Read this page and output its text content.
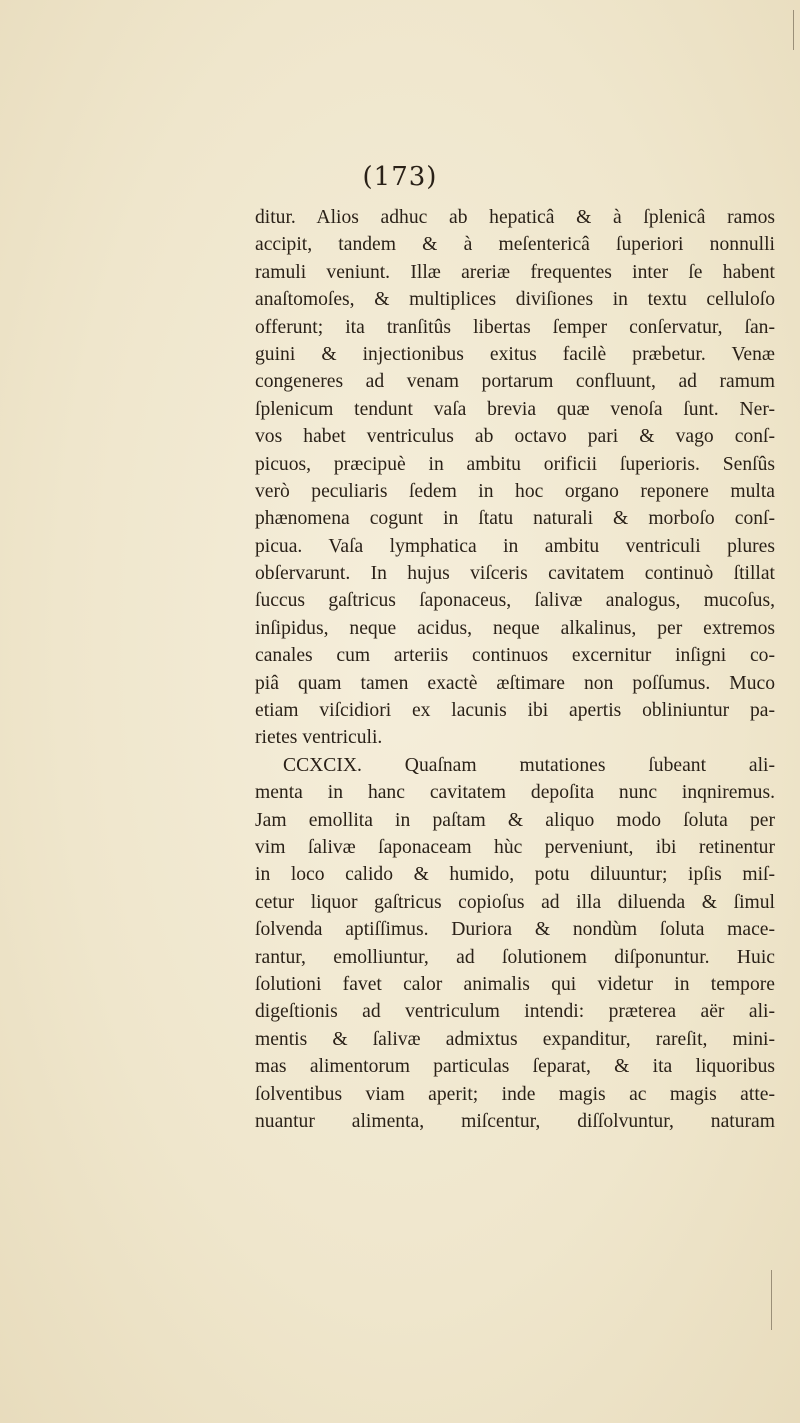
(173)
ditur. Alios adhuc ab hepaticâ & à ſplenicâ ramos
accipit, tandem & à meſentericâ ſuperiori nonnulli
ramuli veniunt. Illæ areriæ frequentes inter ſe habent
anaſtomoſes, & multiplices diviſiones in textu celluloſo
offerunt; ita tranſitûs libertas ſemper conſervatur, ſan-
guini & injectionibus exitus facilè præbetur. Venæ
congeneres ad venam portarum confluunt, ad ramum
ſplenicum tendunt vaſa brevia quæ venoſa ſunt. Ner-
vos habet ventriculus ab octavo pari & vago conſ-
picuos, præcipuè in ambitu orificii ſuperioris. Senſûs
verò peculiaris ſedem in hoc organo reponere multa
phænomena cogunt in ſtatu naturali & morboſo conſ-
picua. Vaſa lymphatica in ambitu ventriculi plures
obſervarunt. In hujus viſceris cavitatem continuò ſtillat
ſuccus gaſtricus ſaponaceus, ſalivæ analogus, mucoſus,
inſipidus, neque acidus, neque alkalinus, per extremos
canales cum arteriis continuos excernitur inſigni co-
piâ quam tamen exactè æſtimare non poſſumus. Muco
etiam viſcidiori ex lacunis ibi apertis obliniuntur pa-
rietes ventriculi.
CCXCIX. Quaſnam mutationes ſubeant ali-
menta in hanc cavitatem depoſita nunc inqniremus.
Jam emollita in paſtam & aliquo modo ſoluta per
vim ſalivæ ſaponaceam hùc perveniunt, ibi retinentur
in loco calido & humido, potu diluuntur; ipſis miſ-
cetur liquor gaſtricus copioſus ad illa diluenda & ſimul
ſolvenda aptiſſimus. Duriora & nondùm ſoluta mace-
rantur, emolliuntur, ad ſolutionem diſponuntur. Huic
ſolutioni favet calor animalis qui videtur in tempore
digeſtionis ad ventriculum intendi: præterea aër ali-
mentis & ſalivæ admixtus expanditur, rareſit, mini-
mas alimentorum particulas ſeparat, & ita liquoribus
ſolventibus viam aperit; inde magis ac magis atte-
nuantur alimenta, miſcentur, diſſolvuntur, naturam
